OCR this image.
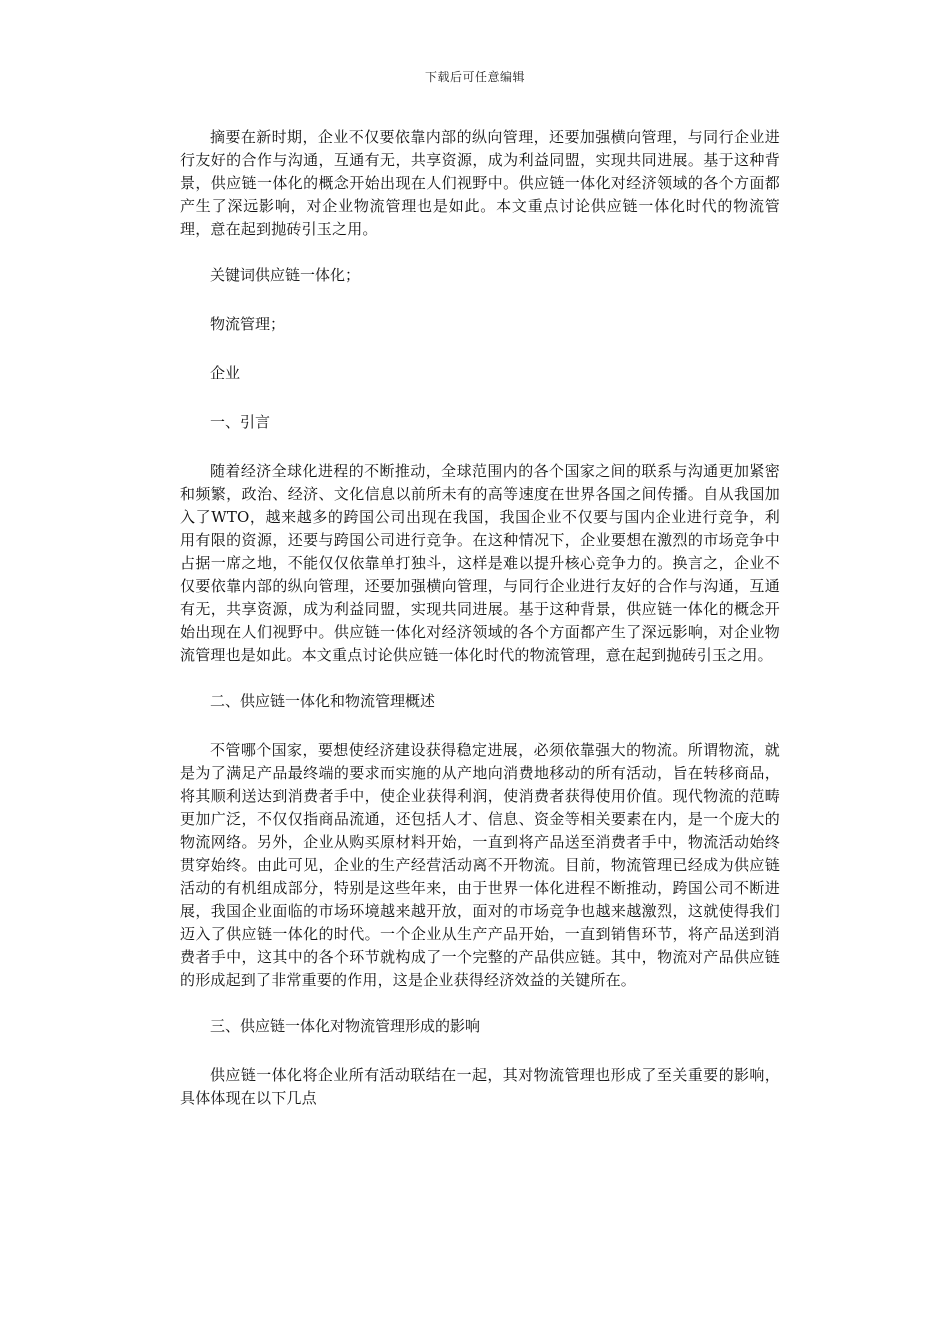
下载后可任意编辑

摘要在新时期，企业不仅要依靠内部的纵向管理，还要加强横向管理，与同行企业进行友好的合作与沟通，互通有无，共享资源，成为利益同盟，实现共同进展。基于这种背景，供应链一体化的概念开始出现在人们视野中。供应链一体化对经济领域的各个方面都产生了深远影响，对企业物流管理也是如此。本文重点讨论供应链一体化时代的物流管理，意在起到抛砖引玉之用。

关键词供应链一体化；

物流管理；

企业

一、引言

随着经济全球化进程的不断推动，全球范围内的各个国家之间的联系与沟通更加紧密和频繁，政治、经济、文化信息以前所未有的高等速度在世界各国之间传播。自从我国加入了WTO，越来越多的跨国公司出现在我国，我国企业不仅要与国内企业进行竞争，利用有限的资源，还要与跨国公司进行竞争。在这种情况下，企业要想在激烈的市场竞争中占据一席之地，不能仅仅依靠单打独斗，这样是难以提升核心竞争力的。换言之，企业不仅要依靠内部的纵向管理，还要加强横向管理，与同行企业进行友好的合作与沟通，互通有无，共享资源，成为利益同盟，实现共同进展。基于这种背景，供应链一体化的概念开始出现在人们视野中。供应链一体化对经济领域的各个方面都产生了深远影响，对企业物流管理也是如此。本文重点讨论供应链一体化时代的物流管理，意在起到抛砖引玉之用。

二、供应链一体化和物流管理概述

不管哪个国家，要想使经济建设获得稳定进展，必须依靠强大的物流。所谓物流，就是为了满足产品最终端的要求而实施的从产地向消费地移动的所有活动，旨在转移商品，将其顺利送达到消费者手中，使企业获得利润，使消费者获得使用价值。现代物流的范畴更加广泛，不仅仅指商品流通，还包括人才、信息、资金等相关要素在内，是一个庞大的物流网络。另外，企业从购买原材料开始，一直到将产品送至消费者手中，物流活动始终贯穿始终。由此可见，企业的生产经营活动离不开物流。目前，物流管理已经成为供应链活动的有机组成部分，特别是这些年来，由于世界一体化进程不断推动，跨国公司不断进展，我国企业面临的市场环境越来越开放，面对的市场竞争也越来越激烈，这就使得我们迈入了供应链一体化的时代。一个企业从生产产品开始，一直到销售环节，将产品送到消费者手中，这其中的各个环节就构成了一个完整的产品供应链。其中，物流对产品供应链的形成起到了非常重要的作用，这是企业获得经济效益的关键所在。

三、供应链一体化对物流管理形成的影响

供应链一体化将企业所有活动联结在一起，其对物流管理也形成了至关重要的影响，具体体现在以下几点
